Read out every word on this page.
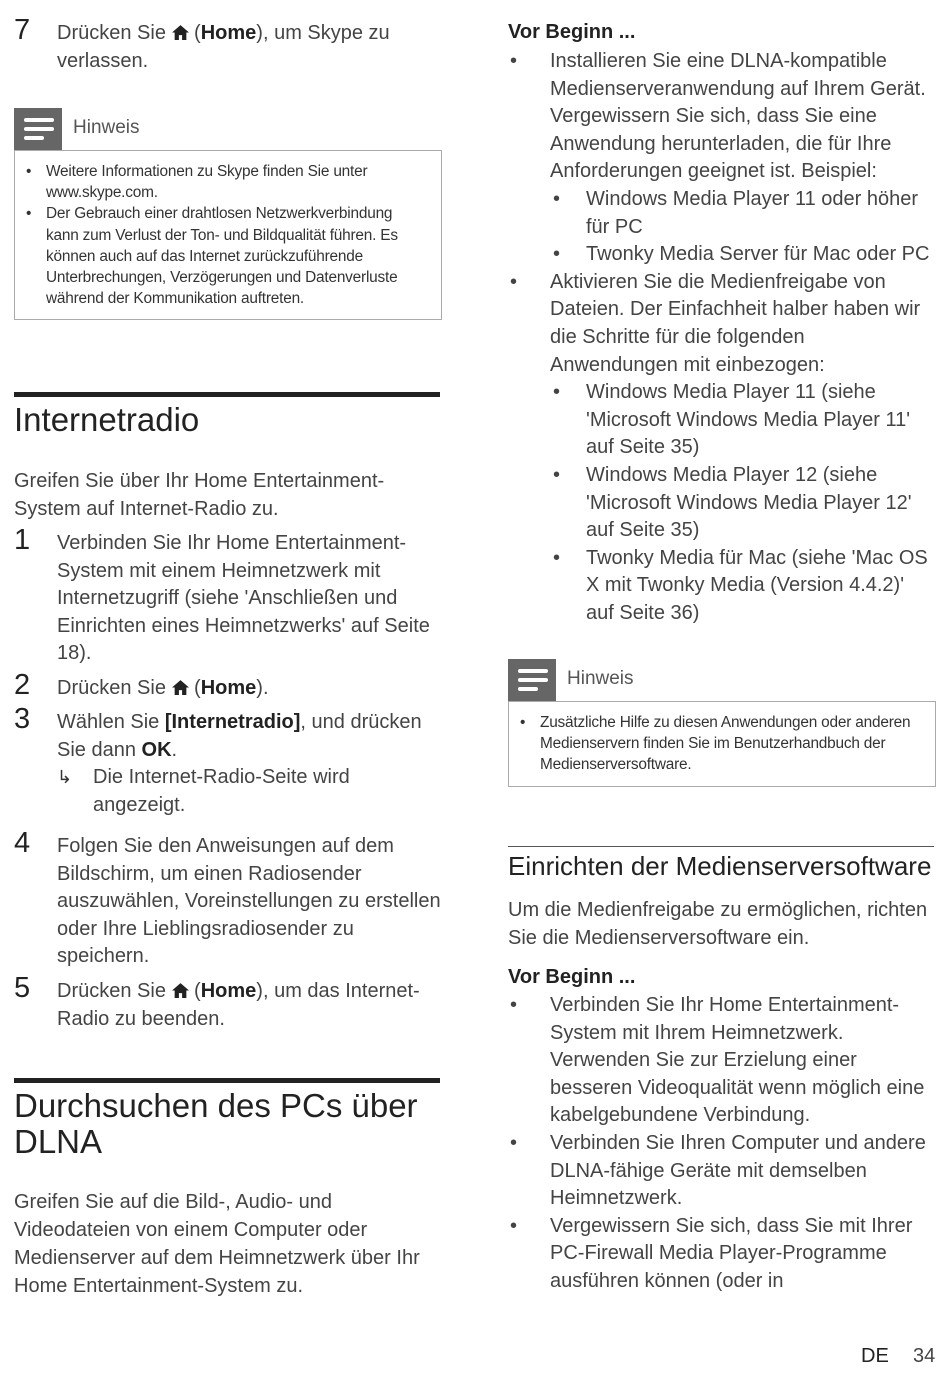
7 Drücken Sie  (Home), um Skype zu verlassen.
• Weitere Informationen zu Skype finden Sie unter www.skype.com.
• Der Gebrauch einer drahtlosen Netzwerkverbindung kann zum Verlust der Ton- und Bildqualität führen. Es können auch auf das Internet zurückzuführende Unterbrechungen, Verzögerungen und Datenverluste während der Kommunikation auftreten.
Hinweis
Internetradio
Greifen Sie über Ihr Home Entertainment-System auf Internet-Radio zu.
1 Verbinden Sie Ihr Home Entertainment-System mit einem Heimnetzwerk mit Internetzugriff (siehe 'Anschließen und Einrichten eines Heimnetzwerks' auf Seite 18).
2 Drücken Sie  (Home).
3 Wählen Sie [Internetradio], und drücken Sie dann OK.
↳ Die Internet-Radio-Seite wird angezeigt.
4 Folgen Sie den Anweisungen auf dem Bildschirm, um einen Radiosender auszuwählen, Voreinstellungen zu erstellen oder Ihre Lieblingsradiosender zu speichern.
5 Drücken Sie  (Home), um das Internet-Radio zu beenden.
Durchsuchen des PCs über DLNA
Greifen Sie auf die Bild-, Audio- und Videodateien von einem Computer oder Medienserver auf dem Heimnetzwerk über Ihr Home Entertainment-System zu.
Vor Beginn ...
• Installieren Sie eine DLNA-kompatible Medienserveranwendung auf Ihrem Gerät. Vergewissern Sie sich, dass Sie eine Anwendung herunterladen, die für Ihre Anforderungen geeignet ist. Beispiel:
• Windows Media Player 11 oder höher für PC
• Twonky Media Server für Mac oder PC
• Aktivieren Sie die Medienfreigabe von Dateien. Der Einfachheit halber haben wir die Schritte für die folgenden Anwendungen mit einbezogen:
• Windows Media Player 11 (siehe 'Microsoft Windows Media Player 11' auf Seite 35)
• Windows Media Player 12 (siehe 'Microsoft Windows Media Player 12' auf Seite 35)
• Twonky Media für Mac (siehe 'Mac OS X mit Twonky Media (Version 4.4.2)' auf Seite 36)
• Zusätzliche Hilfe zu diesen Anwendungen oder anderen Medienservern finden Sie im Benutzerhandbuch der Medienserversoftware.
Hinweis
Einrichten der Medienserversoftware
Um die Medienfreigabe zu ermöglichen, richten Sie die Medienserversoftware ein.
Vor Beginn ...
• Verbinden Sie Ihr Home Entertainment-System mit Ihrem Heimnetzwerk. Verwenden Sie zur Erzielung einer besseren Videoqualität wenn möglich eine kabelgebundene Verbindung.
• Verbinden Sie Ihren Computer und andere DLNA-fähige Geräte mit demselben Heimnetzwerk.
• Vergewissern Sie sich, dass Sie mit Ihrer PC-Firewall Media Player-Programme ausführen können (oder in
DE 34
